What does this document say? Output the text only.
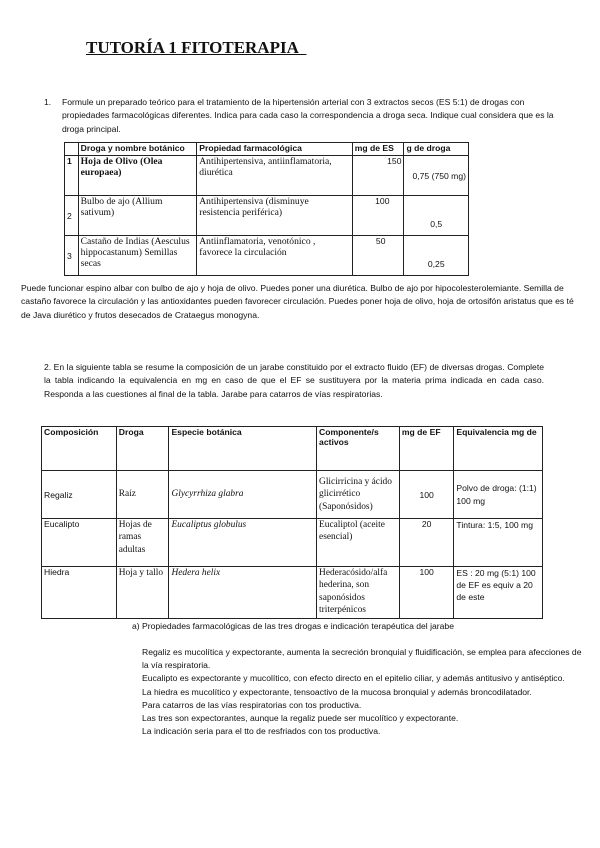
TUTORÍA 1 FITOTERAPIA
1. Formule un preparado teórico para el tratamiento de la hipertensión arterial con 3 extractos secos (ES 5:1) de drogas con propiedades farmacológicas diferentes. Indica para cada caso la correspondencia a droga seca. Indique cual considera que es la droga principal.
	Droga y nombre botánico	Propiedad farmacológica	mg de ES	g de droga
1	Hoja de Olivo (Olea europaea)	Antihipertensiva, antiinflamatoria, diurética	150	0,75 (750 mg)
2	Bulbo de ajo (Allium sativum)	Antihipertensiva (disminuye resistencia periférica)	100	0,5
3	Castaño de Indias (Aesculus hippocastanum) Semillas secas	Antiinflamatoria, venotónico , favorece la circulación	50	0,25
Puede funcionar espino albar con bulbo de ajo y hoja de olivo. Puedes poner una diurética. Bulbo de ajo por hipocolesterolemiante. Semilla de castaño favorece la circulación y las antioxidantes pueden favorecer circulación. Puedes poner hoja de olivo, hoja de ortosifón aristatus que es té de Java diurético y frutos desecados de Crataegus monogyna.
2. En la siguiente tabla se resume la composición de un jarabe constituido por el extracto fluido (EF) de diversas drogas. Complete la tabla indicando la equivalencia en mg en caso de que el EF se sustituyera por la materia prima indicada en cada caso. Responda a las cuestiones al final de la tabla. Jarabe para catarros de vías respiratorias.
Composición	Droga	Especie botánica	Componente/s activos	mg de EF	Equivalencia mg de
Regaliz	Raíz	Glycyrrhiza glabra	Glicirricina y ácido glicirrético (Saponósidos)	100	Polvo de droga: (1:1) 100 mg
Eucalipto	Hojas de ramas adultas	Eucaliptus globulus	Eucaliptol (aceite esencial)	20	Tintura: 1:5, 100 mg
Hiedra	Hoja y tallo	Hedera helix	Hederacósido/alfa hederina, son saponósidos triterpénicos	100	ES : 20 mg (5:1) 100 de EF es equiv a 20 de este
a) Propiedades farmacológicas de las tres drogas e indicación terapéutica del jarabe
Regaliz es mucolítica y expectorante, aumenta la secreción bronquial y fluidificación, se emplea para afecciones de la vía respiratoria.
Eucalipto es expectorante y mucolítico, con efecto directo en el epitelio ciliar, y además antitusivo y antiséptico.
La hiedra es mucolítico y expectorante, tensoactivo de la mucosa bronquial y además broncodilatador.
Para catarros de las vías respiratorias con tos productiva.
Las tres son expectorantes, aunque la regaliz puede ser mucolítico y expectorante.
La indicación seria para el tto de resfriados con tos productiva.
